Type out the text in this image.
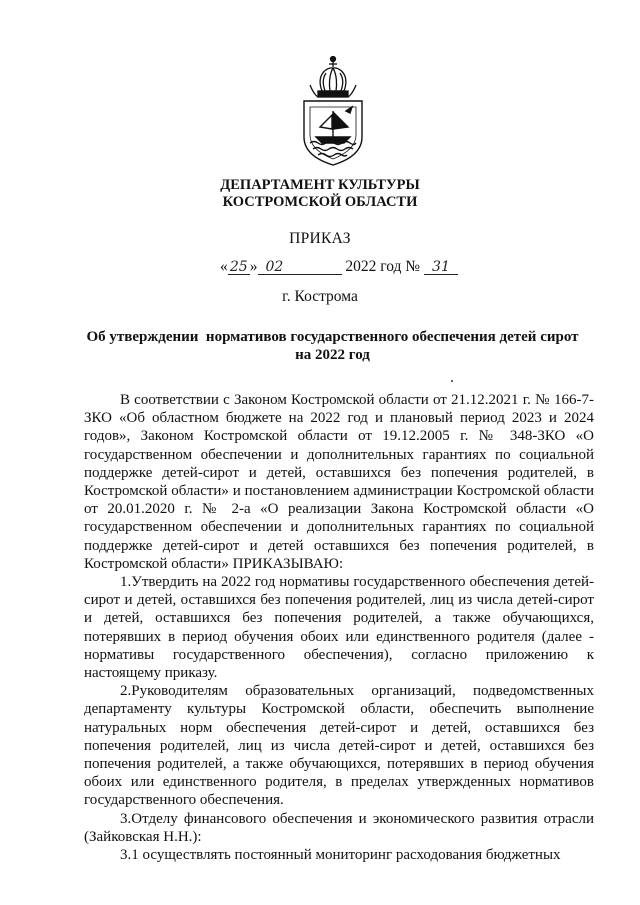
ДЕПАРТАМЕНТ КУЛЬТУРЫ
КОСТРОМСКОЙ ОБЛАСТИ
ПРИКАЗ
« 25 » 02	2022 год № 31
г. Кострома
Об утверждении  нормативов государственного обеспечения детей сирот
на 2022 год

В соответствии с Законом Костромской области от 21.12.2021 г. № 166-7-ЗКО «Об областном бюджете на 2022 год и плановый период 2023 и 2024 годов», Законом Костромской области от 19.12.2005 г. № 348-ЗКО «О государственном обеспечении и дополнительных гарантиях по социальной поддержке детей-сирот и детей, оставшихся без попечения родителей, в Костромской области» и постановлением администрации Костромской области от 20.01.2020 г. № 2-а «О реализации Закона Костромской области «О государственном обеспечении и дополнительных гарантиях по социальной поддержке детей-сирот и детей оставшихся без попечения родителей, в Костромской области» ПРИКАЗЫВАЮ:

1.Утвердить на 2022 год нормативы государственного обеспечения детей-сирот и детей, оставшихся без попечения родителей, лиц из числа детей-сирот и детей, оставшихся без попечения родителей, а также обучающихся, потерявших в период обучения обоих или единственного родителя (далее - нормативы государственного обеспечения), согласно приложению к настоящему приказу.

2.Руководителям образовательных организаций, подведомственных департаменту культуры Костромской области, обеспечить выполнение натуральных норм обеспечения детей-сирот и детей, оставшихся без попечения родителей, лиц из числа детей-сирот и детей, оставшихся без попечения родителей, а также обучающихся, потерявших в период обучения обоих или единственного родителя, в пределах утвержденных нормативов государственного обеспечения.

3.Отделу финансового обеспечения и экономического развития отрасли (Зайковская Н.Н.):

3.1 осуществлять постоянный мониторинг расходования бюджетных
